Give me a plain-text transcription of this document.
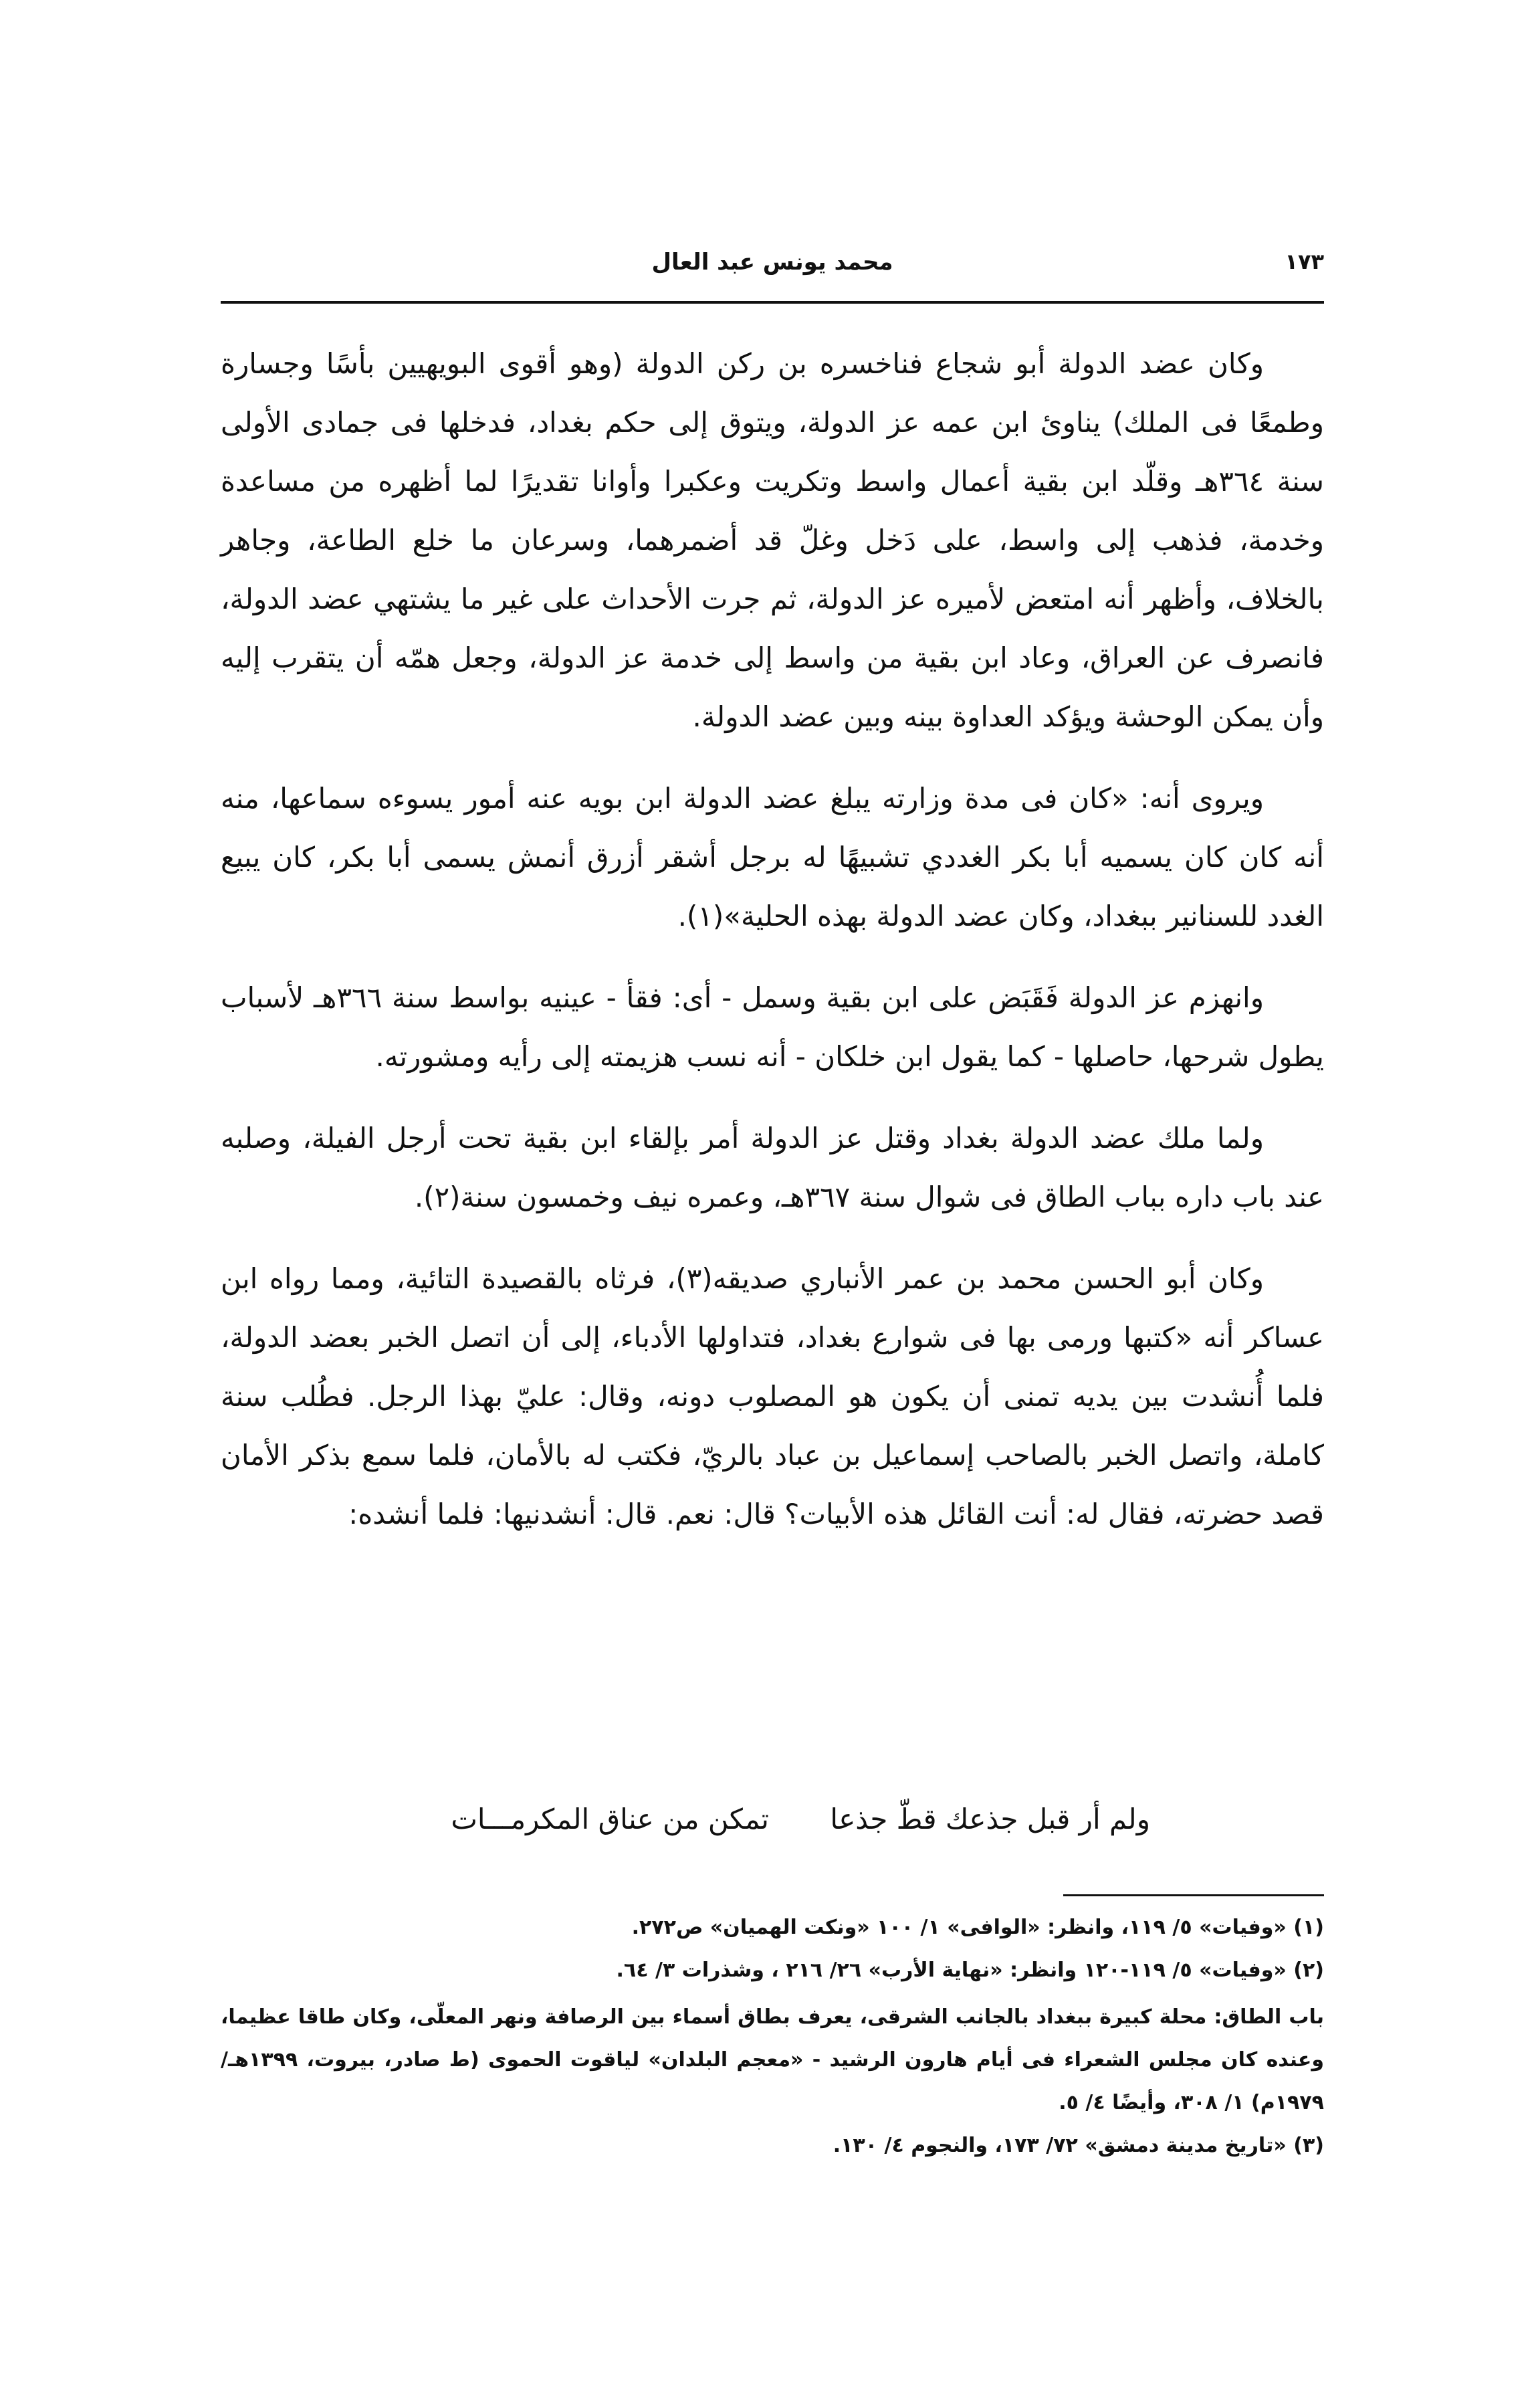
١٧٣
محمد يونس عبد العال

وكان عضد الدولة أبو شجاع فناخسره بن ركن الدولة (وهو أقوى البويهيين بأسًا وجسارة وطمعًا فى الملك) يناوئ ابن عمه عز الدولة، ويتوق إلى حكم بغداد، فدخلها فى جمادى الأولى سنة ٣٦٤هـ وقلّد ابن بقية أعمال واسط وتكريت وعكبرا وأوانا تقديرًا لما أظهره من مساعدة وخدمة، فذهب إلى واسط، على دَخل وغلّ قد أضمرهما، وسرعان ما خلع الطاعة، وجاهر بالخلاف، وأظهر أنه امتعض لأميره عز الدولة، ثم جرت الأحداث على غير ما يشتهي عضد الدولة، فانصرف عن العراق، وعاد ابن بقية من واسط إلى خدمة عز الدولة، وجعل همّه أن يتقرب إليه وأن يمكن الوحشة ويؤكد العداوة بينه وبين عضد الدولة.

ويروى أنه: «كان فى مدة وزارته يبلغ عضد الدولة ابن بويه عنه أمور يسوءه سماعها، منه أنه كان كان يسميه أبا بكر الغددي تشبيهًا له برجل أشقر أزرق أنمش يسمى أبا بكر، كان يبيع الغدد للسنانير ببغداد، وكان عضد الدولة بهذه الحلية»(١).

وانهزم عز الدولة فَقَبَض على ابن بقية وسمل - أى: فقأ - عينيه بواسط سنة ٣٦٦هـ لأسباب يطول شرحها، حاصلها - كما يقول ابن خلكان - أنه نسب هزيمته إلى رأيه ومشورته.

ولما ملك عضد الدولة بغداد وقتل عز الدولة أمر بإلقاء ابن بقية تحت أرجل الفيلة، وصلبه عند باب داره بباب الطاق فى شوال سنة ٣٦٧هـ، وعمره نيف وخمسون سنة(٢).

وكان أبو الحسن محمد بن عمر الأنباري صديقه(٣)، فرثاه بالقصيدة التائية، ومما رواه ابن عساكر أنه «كتبها ورمى بها فى شوارع بغداد، فتداولها الأدباء، إلى أن اتصل الخبر بعضد الدولة، فلما أُنشدت بين يديه تمنى أن يكون هو المصلوب دونه، وقال: عليّ بهذا الرجل. فطُلب سنة كاملة، واتصل الخبر بالصاحب إسماعيل بن عباد بالريّ، فكتب له بالأمان، فلما سمع بذكر الأمان قصد حضرته، فقال له: أنت القائل هذه الأبيات؟ قال: نعم. قال: أنشدنيها: فلما أنشده:

ولم أر قبل جذعك قطّ جذعا
تمكن من عناق المكرمـــات

(١) «وفيات» ٥/ ١١٩، وانظر: «الوافى» ١/ ١٠٠ «ونكت الهميان» ص٢٧٢.

(٢) «وفيات» ٥/ ١١٩-١٢٠ وانظر: «نهاية الأرب» ٢٦/ ٢١٦ ، وشذرات ٣/ ٦٤.

باب الطاق: محلة كبيرة ببغداد بالجانب الشرقى، يعرف بطاق أسماء بين الرصافة ونهر المعلّى، وكان طاقا عظيما، وعنده كان مجلس الشعراء فى أيام هارون الرشيد - «معجم البلدان» لياقوت الحموى (ط صادر، بيروت، ١٣٩٩هـ/ ١٩٧٩م) ١/ ٣٠٨، وأيضًا ٤/ ٥.

(٣) «تاريخ مدينة دمشق» ٧٢/ ١٧٣، والنجوم ٤/ ١٣٠.
